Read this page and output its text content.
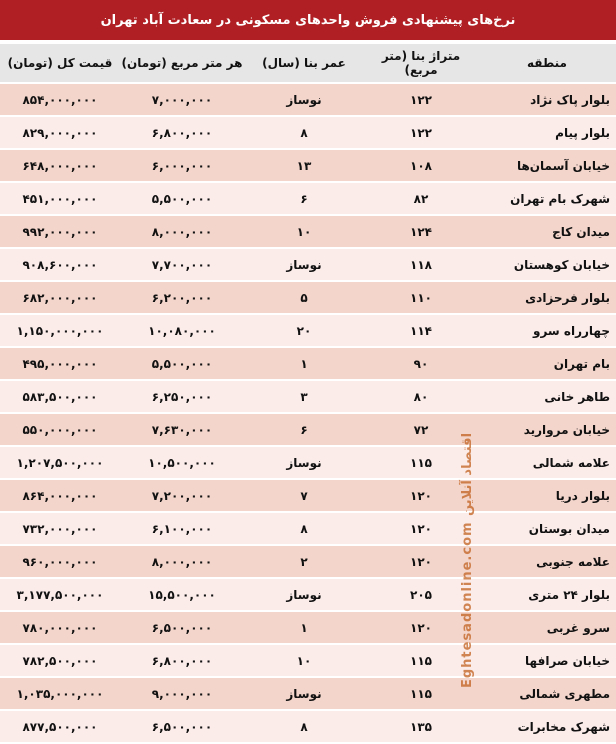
نرخ‌های پیشنهادی فروش واحدهای مسکونی در سعادت آباد تهران
منطقه	متراژ بنا (متر مربع)	عمر بنا (سال)	هر متر مربع (تومان)	قیمت کل (تومان)
بلوار پاک نژاد	۱۲۲	نوساز	۷,۰۰۰,۰۰۰	۸۵۴,۰۰۰,۰۰۰
بلوار پیام	۱۲۲	۸	۶,۸۰۰,۰۰۰	۸۲۹,۰۰۰,۰۰۰
خیابان آسمان‌ها	۱۰۸	۱۳	۶,۰۰۰,۰۰۰	۶۴۸,۰۰۰,۰۰۰
شهرک بام تهران	۸۲	۶	۵,۵۰۰,۰۰۰	۴۵۱,۰۰۰,۰۰۰
میدان کاج	۱۲۴	۱۰	۸,۰۰۰,۰۰۰	۹۹۲,۰۰۰,۰۰۰
خیابان کوهستان	۱۱۸	نوساز	۷,۷۰۰,۰۰۰	۹۰۸,۶۰۰,۰۰۰
بلوار فرحزادی	۱۱۰	۵	۶,۲۰۰,۰۰۰	۶۸۲,۰۰۰,۰۰۰
چهارراه سرو	۱۱۴	۲۰	۱۰,۰۸۰,۰۰۰	۱,۱۵۰,۰۰۰,۰۰۰
بام تهران	۹۰	۱	۵,۵۰۰,۰۰۰	۴۹۵,۰۰۰,۰۰۰
طاهر خانی	۸۰	۳	۶,۲۵۰,۰۰۰	۵۸۳,۵۰۰,۰۰۰
خیابان مروارید	۷۲	۶	۷,۶۳۰,۰۰۰	۵۵۰,۰۰۰,۰۰۰
علامه شمالی	۱۱۵	نوساز	۱۰,۵۰۰,۰۰۰	۱,۲۰۷,۵۰۰,۰۰۰
بلوار دریا	۱۲۰	۷	۷,۲۰۰,۰۰۰	۸۶۴,۰۰۰,۰۰۰
میدان بوستان	۱۲۰	۸	۶,۱۰۰,۰۰۰	۷۳۲,۰۰۰,۰۰۰
علامه جنوبی	۱۲۰	۲	۸,۰۰۰,۰۰۰	۹۶۰,۰۰۰,۰۰۰
بلوار ۲۴ متری	۲۰۵	نوساز	۱۵,۵۰۰,۰۰۰	۳,۱۷۷,۵۰۰,۰۰۰
سرو غربی	۱۲۰	۱	۶,۵۰۰,۰۰۰	۷۸۰,۰۰۰,۰۰۰
خیابان صرافها	۱۱۵	۱۰	۶,۸۰۰,۰۰۰	۷۸۲,۵۰۰,۰۰۰
مطهری شمالی	۱۱۵	نوساز	۹,۰۰۰,۰۰۰	۱,۰۳۵,۰۰۰,۰۰۰
شهرک مخابرات	۱۳۵	۸	۶,۵۰۰,۰۰۰	۸۷۷,۵۰۰,۰۰۰
Eghtesadonline.com اقتصاد آنلاین
